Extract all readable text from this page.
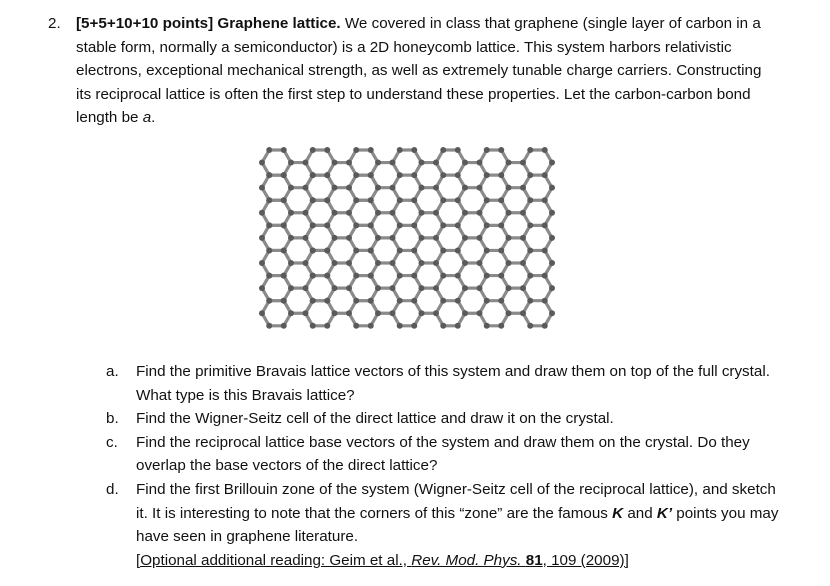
2. [5+5+10+10 points] Graphene lattice. We covered in class that graphene (single layer of carbon in a stable form, normally a semiconductor) is a 2D honeycomb lattice. This system harbors relativistic electrons, exceptional mechanical strength, as well as extremely tunable charge carriers. Constructing its reciprocal lattice is often the first step to understand these properties. Let the carbon-carbon bond length be a.
a. Find the primitive Bravais lattice vectors of this system and draw them on top of the full crystal. What type is this Bravais lattice?
b. Find the Wigner-Seitz cell of the direct lattice and draw it on the crystal.
c. Find the reciprocal lattice base vectors of the system and draw them on the crystal. Do they overlap the base vectors of the direct lattice?
d. Find the first Brillouin zone of the system (Wigner-Seitz cell of the reciprocal lattice), and sketch it. It is interesting to note that the corners of this “zone” are the famous K and K’ points you may have seen in graphene literature.
[Optional additional reading: Geim et al., Rev. Mod. Phys. 81, 109 (2009)]
